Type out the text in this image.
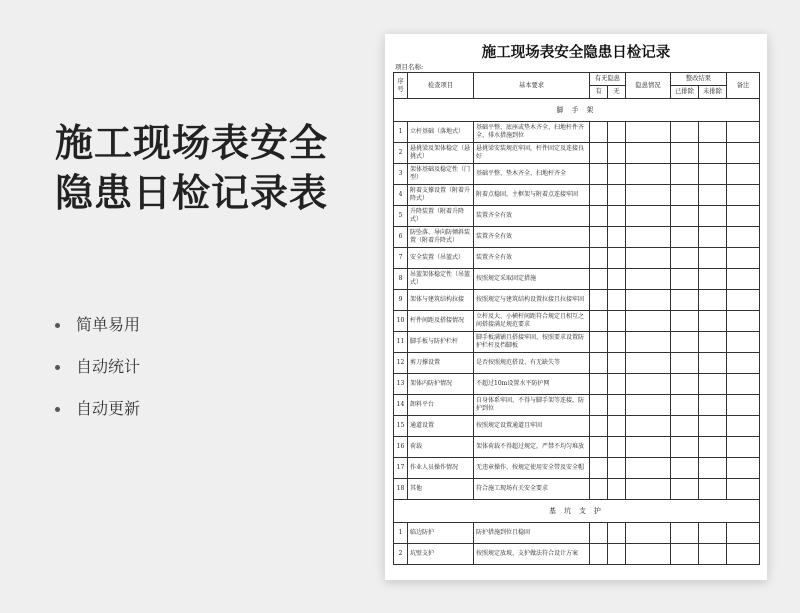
施工现场表安全
隐患日检记录表
简单易用
自动统计
自动更新
施工现场表安全隐患日检记录
项目名称:
序号	检查项目	基本要求	有无隐患		隐患情况	整改结果		备注
			有	无		已排除	未排除	
脚 手 架								
1	立杆基础（落地式）	基础平整、底座或垫木齐全、扫地杆件齐全、排水措施到位						
2	悬挑梁及架体稳定（悬挑式）	悬挑梁安装规范牢固，杆件固定及连接良好						
3	架体基础及稳定性（门型）	基础平整、垫木齐全、扫地杆齐全						
4	附着支撑设置（附着升降式）	附着点稳固，主框架与附着点连接牢固						
5	升降装置（附着升降式）	装置齐全有效						
6	防坠落、导向防倾斜装置（附着升降式）	装置齐全有效						
7	安全装置（吊篮式）	装置齐全有效						
8	吊篮架体稳定性（吊篮式）	按照规定采取固定措施						
9	架体与建筑结构拉接	按照规定与建筑结构设置拉接且拉接牢固						
10	杆件间距及搭接情况	立杆及大、小横杆间距符合规定且相互之间搭接满足规范要求						
11	脚手板与防护栏杆	脚手板满铺且搭接牢固、按照要求设置防护栏杆及挡脚板						
12	剪刀撑设置	是否按照规范搭设、有无缺失等						
13	架体内防护情况	不超过10m设置水平防护网						
14	卸料平台	自身体系牢固、不得与脚手架等连接，防护到位						
15	通道设置	按照规定设置通道且牢固						
16	荷载	架体荷载不得超过规定，严禁不均匀堆放						
17	作业人员操作情况	无违章操作、按规定使用安全带及安全帽						
18	其他	符合施工现场有关安全要求						
基 坑 支 护								
1	临边防护	防护措施到位且稳固						
2	坑壁支护	按照规定放坡、支护做法符合设计方案						
